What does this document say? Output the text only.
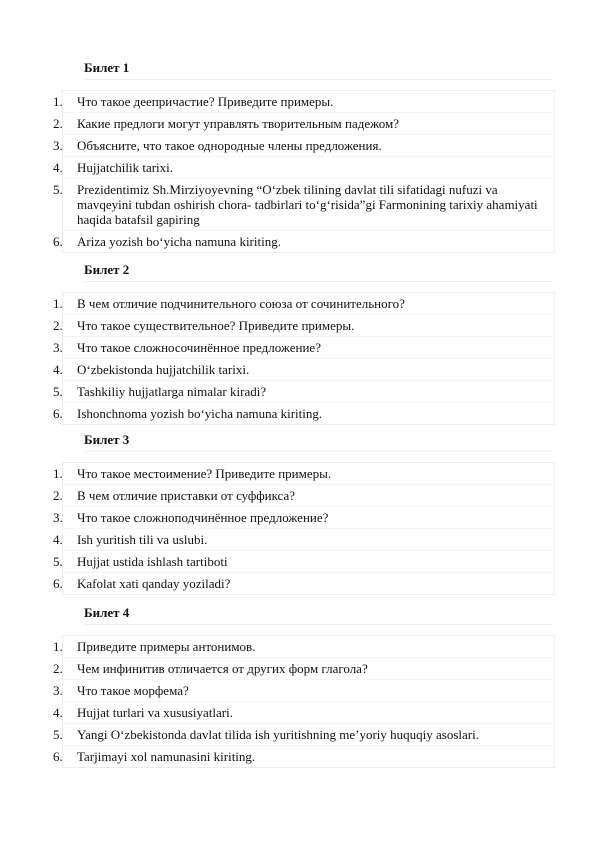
Билет 1
1.	Что такое деепричастие? Приведите примеры.
2.	Какие предлоги могут управлять творительным падежом?
3.	Объясните, что такое однородные члены предложения.
4.	Hujjatchilik tarixi.
5.	Prezidentimiz Sh.Mirziyoyevning “O‘zbek tilining davlat tili sifatidagi nufuzi va mavqeyini tubdan oshirish chora- tadbirlari to‘g‘risida”gi Farmonining tarixiy ahamiyati haqida batafsil gapiring
6.	Ariza yozish bo‘yicha namuna kiriting.
Билет 2
1.	В чем отличие подчинительного союза от сочинительного?
2.	Что такое существительное? Приведите примеры.
3.	Что такое сложносочинённое предложение?
4.	O‘zbekistonda hujjatchilik tarixi.
5.	Tashkiliy hujjatlarga nimalar kiradi?
6.	Ishonchnoma yozish bo‘yicha namuna kiriting.
Билет 3
1.	Что такое местоимение? Приведите примеры.
2.	В чем отличие приставки от суффикса?
3.	Что такое сложноподчинённое предложение?
4.	Ish yuritish tili va uslubi.
5.	Hujjat ustida ishlash tartiboti
6.	Kafolat xati qanday yoziladi?
Билет 4
1.	Приведите примеры антонимов.
2.	Чем инфинитив отличается от других форм глагола?
3.	Что такое морфема?
4.	Hujjat turlari va xususiyatlari.
5.	Yangi O‘zbekistonda davlat tilida ish yuritishning me’yoriy huquqiy asoslari.
6.	Tarjimayi xol namunasini kiriting.
